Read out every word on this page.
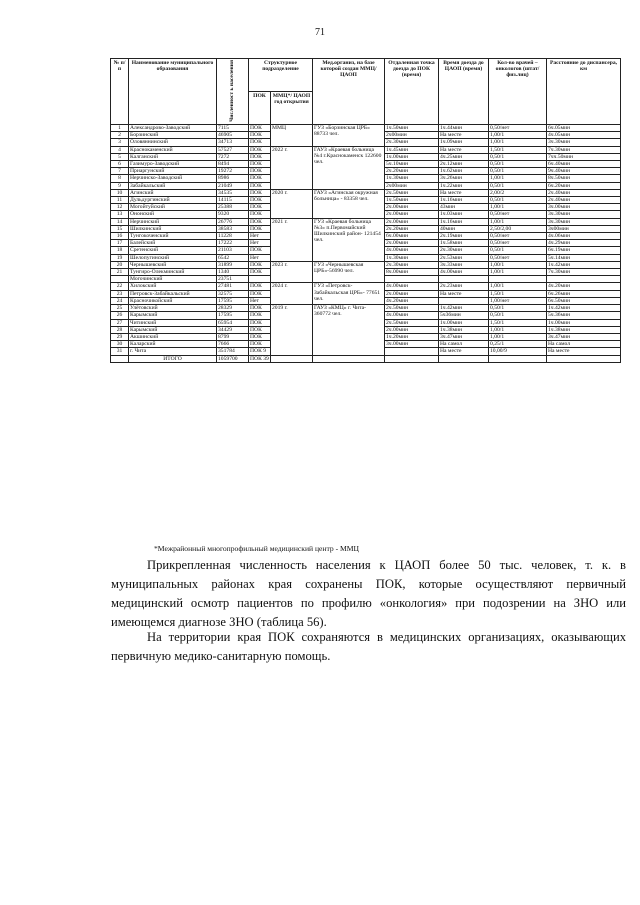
71
№ п/п	Наименование муниципального образования	Численност ь населения	Структурное подразделение		Мед.организ, на базе которой создан ММЦ/ЦАОП	Отдаленная точка доезда до ПОК (время)	Время доезда до ЦАОП (время)	Кол-во врачей – онкологов (штат/ физ.лиц)	Расстояние до диспансера, км
			ПОК	ММЦ*/ ЦАОП год открытия					
1	Александрово-Заводский	7115	ПОК	ММЦ	ГУЗ «Борзинская ЦРБ» 88733 чел.	1ч.50мин	1ч.44мин	0,50/нет	6ч.05мин
2	Борзинский	46905	ПОК			2ч00мин	На месте	1,00/1	4ч.05мин
3	Оловяннинский	34713	ПОК			2ч.30мин	1ч.09мин	1,00/1	3ч.30мин
4	Краснокаменский	57527	ПОК	2022 г.	ГАУЗ «Краевая больница №4 г.Краснокаменск 122600 чел.	1ч.45мин	На месте	1,50/1	7ч.30мин
5	Калганский	7272	ПОК			1ч.00мин	4ч.25мин	0,50/1	7чч.50мин
6	Газимуро-Заводский	8494	ПОК			5ч.10мин	2ч.12мин	0,50/1	6ч.40мин
7	Приаргунский	19272	ПОК			2ч.20мин	1ч.62мин	0,50/1	9ч.40мин
8	Нерчинско-Заводский	8986	ПОК			1ч.30мин	3ч.26мин	1,00/1	8ч.50мин
9	Забайкальский	21049	ПОК			2ч00мин	1ч.22мин	0,50/1	6ч.20мин
10	Агинский	34535	ПОК	2020 г.	ГАУЗ «Агинская окружная больница» - 83358 чел.	2ч.50мин	На месте	2,00/2	2ч.40мин
11	Дульдургинский	14115	ПОК			1ч.50мин	1ч.16мин	0,50/1	2ч.40мин
12	Могойтуйский	25388	ПОК			2ч.00мин	43мин	1,00/1	3ч.00мин
13	Ононский	9320	ПОК			2ч.00мин	1ч.03мин	0,50/нет	3ч.30мин
14	Нерчинский	26776	ПОК	2021 г.	ГУЗ «Краевая больница №3» п.Первомайский Шилкинский район- 121454 чел.	2ч.00мин	1ч.16мин	1,00/1	3ч.30мин
15	Шилкинский	38583	ПОК			2ч.20мин	40мин	2,50/2,00	3ч00мин
16	Тунгокоченский	11228	Нет			6ч.00мин	2ч.19мин	0,50/нет	4ч.06мин
17	Балейский	17222	Нет			2ч.00мин	1ч.58мин	0,50/нет	4ч.29мин
18	Сретенский	21103	ПОК			4ч.00мин	2ч.30мин	0,50/1	6ч.19мин
19	Шелопугинский	6542	Нет			1ч.30мин	2ч.53мин	0,50/нет	5ч.14мин
20	Чернышевский	31899	ПОК	2023 г.	ГУЗ «Чернышевская ЦРБ»-56990 чел.	2ч.30мин	3ч.33мин	1,00/1	1ч.42мин
21	Тунгиро-Олекминский	1340	ПОК			8ч.00мин	4ч.00мин	1,00/1	7ч.30мин
	Могочинский	23751							
22	Хилокский	27481	ПОК	2024 г.	ГУЗ «Петровск-Забайкальская ЦРБ»- 77651 чел.	4ч.00мин	2ч.23мин	1,00/1	4ч.20мин
23	Петровск-Забайкальский	32575	ПОК			2ч.00мин	На месте	1,50/1	6ч.26мин
24	Красночикойский	17595	Нет			4ч.20мин		1,00/нет	6ч.50мин
25	Улётовский	28329	ПОК	2019 г.	ГАУЗ «КМЦ» г. Чита- 360772 чел.	2ч.50мин	1ч.42мин	0,50/1	1ч.42мин
26	Карымский	17595	ПОК			4ч.00мин	5ч36мин	0,50/1	5ч.36мин
27	Читинский	65954	ПОК			2ч.50мин	1ч.00мин	1,50/1	1ч.00мин
28	Карымский	34429	ПОК			2ч.00мин	1ч.38мин	1,00/1	1ч.38мин
29	Акшинский	8799	ПОК			1ч.20мин	3ч.47мин	1,00/1	3ч.47мин
30	Каларский	7666	ПОК			3ч.00мин	На самол	0,25/1	На самол
31	г. Чита	351784	ПОК 9				На месте	10,00/9	На месте
	ИТОГО	1059700	ПОК 39						
*Межрайонный многопрофильный медицинский центр - ММЦ
Прикрепленная численность населения к ЦАОП более 50 тыс. человек, т. к. в муниципальных районах края сохранены ПОК, которые осуществляют первичный медицинский осмотр пациентов по профилю «онкология» при подозрении на ЗНО или имеющемся диагнозе ЗНО (таблица 56).
На территории края ПОК сохраняются в медицинских организациях, оказывающих первичную медико-санитарную помощь.
